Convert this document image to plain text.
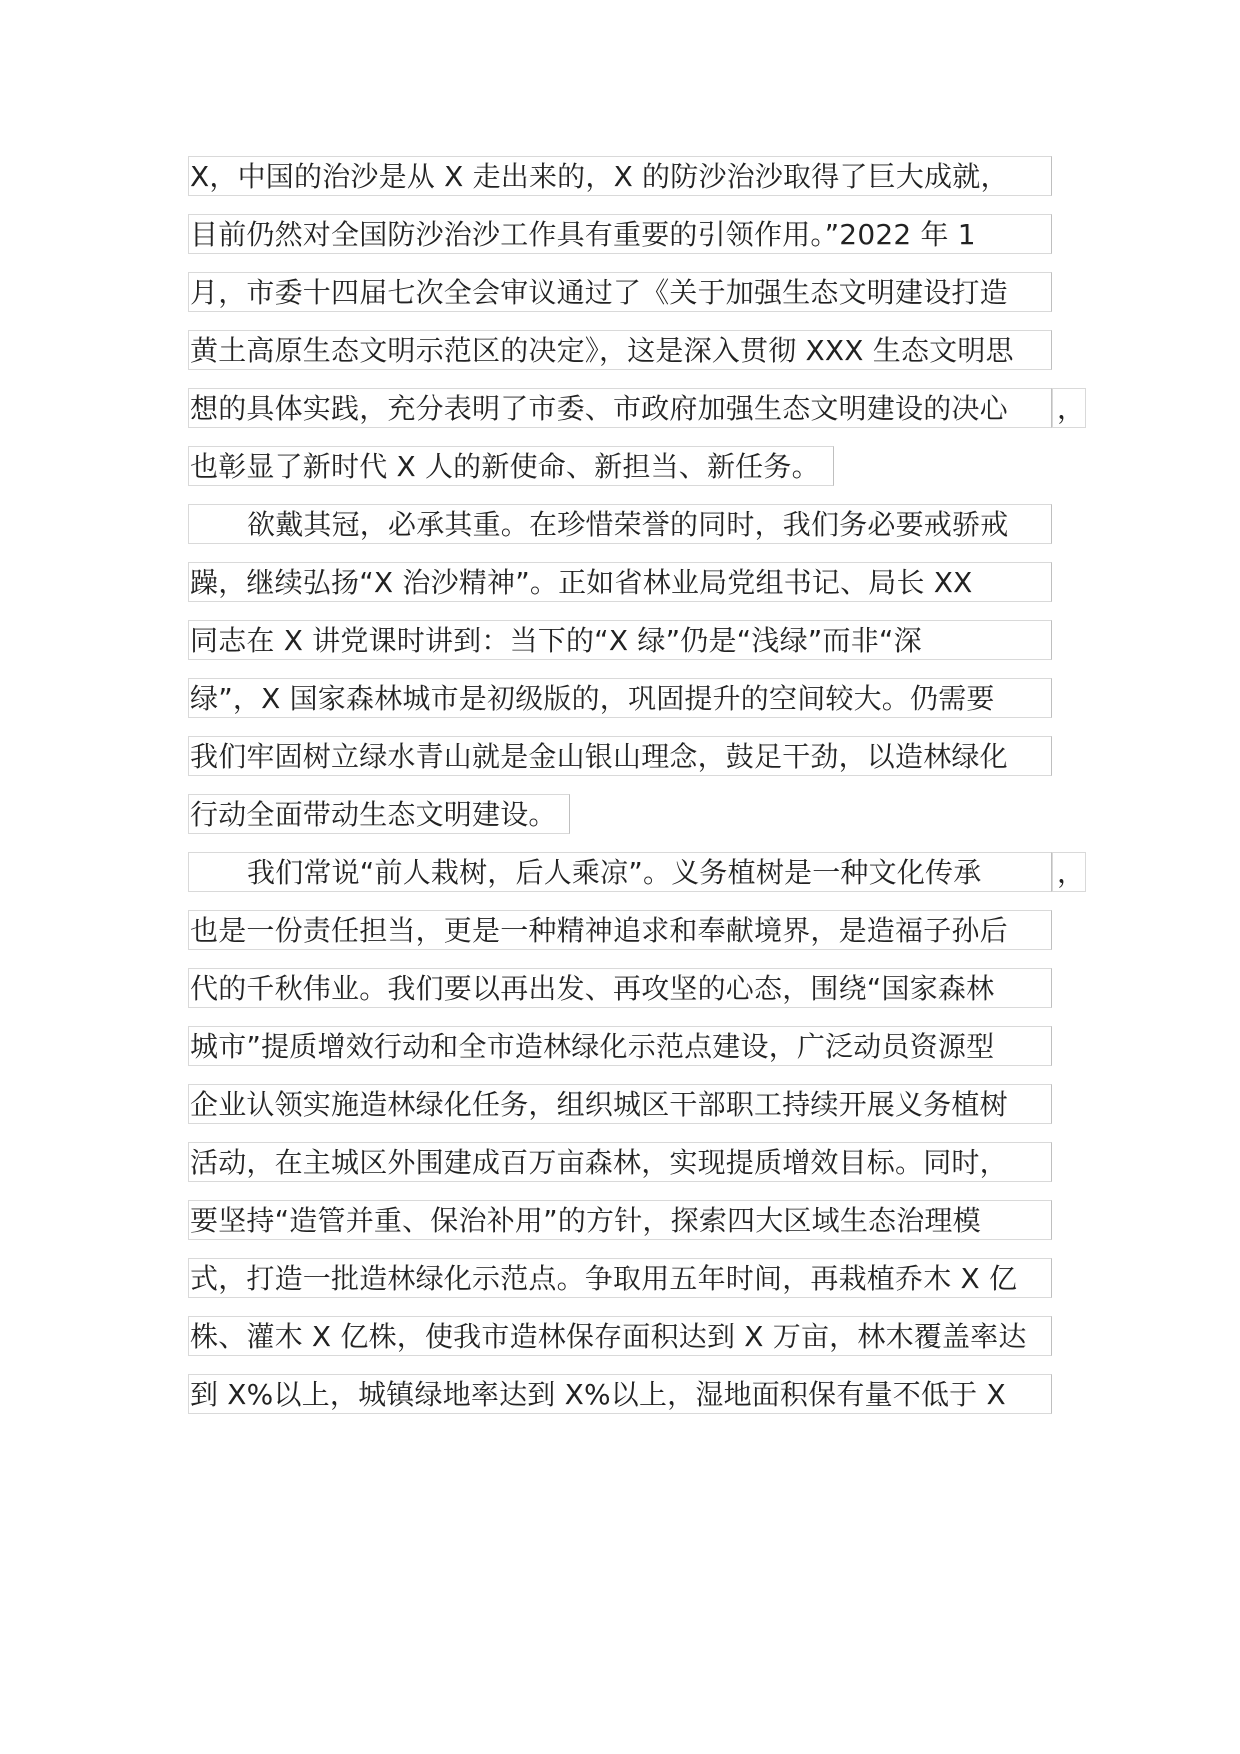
X，中国的治沙是从 X 走出来的，X 的防沙治沙取得了巨大成就，
目前仍然对全国防沙治沙工作具有重要的引领作用。”2022 年 1
月，市委十四届七次全会审议通过了《关于加强生态文明建设打造
黄土高原生态文明示范区的决定》，这是深入贯彻 XXX 生态文明思
想的具体实践，充分表明了市委、市政府加强生态文明建设的决心	，
也彰显了新时代 X 人的新使命、新担当、新任务。
欲戴其冠，必承其重。在珍惜荣誉的同时，我们务必要戒骄戒
躁，继续弘扬“X 治沙精神”。正如省林业局党组书记、局长 XX
同志在 X 讲党课时讲到：当下的“X 绿”仍是“浅绿”而非“深
绿”，X 国家森林城市是初级版的，巩固提升的空间较大。仍需要
我们牢固树立绿水青山就是金山银山理念，鼓足干劲，以造林绿化
行动全面带动生态文明建设。
我们常说“前人栽树，后人乘凉”。义务植树是一种文化传承	，
也是一份责任担当，更是一种精神追求和奉献境界，是造福子孙后
代的千秋伟业。我们要以再出发、再攻坚的心态，围绕“国家森林
城市”提质增效行动和全市造林绿化示范点建设，广泛动员资源型
企业认领实施造林绿化任务，组织城区干部职工持续开展义务植树
活动，在主城区外围建成百万亩森林，实现提质增效目标。同时，
要坚持“造管并重、保治补用”的方针，探索四大区域生态治理模
式，打造一批造林绿化示范点。争取用五年时间，再栽植乔木 X 亿
株、灌木 X 亿株，使我市造林保存面积达到 X 万亩，林木覆盖率达
到 X%以上，城镇绿地率达到 X%以上，湿地面积保有量不低于 X
